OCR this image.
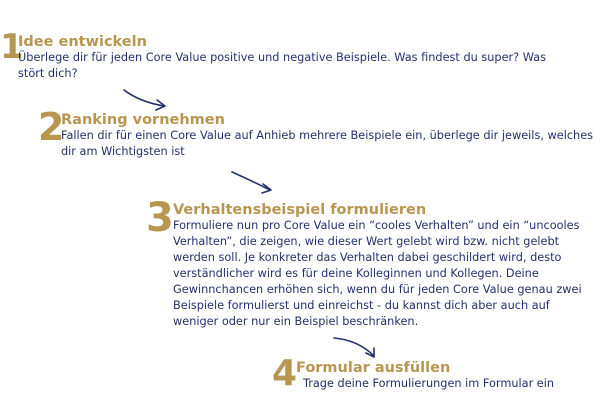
1
Idee entwickeln
Überlege dir für jeden Core Value positive und negative Beispiele. Was findest du super? Was stört dich?
2
Ranking vornehmen
Fallen dir für einen Core Value auf Anhieb mehrere Beispiele ein, überlege dir jeweils, welches dir am Wichtigsten ist
3 Verhaltensbeispiel formulieren
Formuliere nun pro Core Value ein “cooles Verhalten” und ein “uncooles Verhalten”, die zeigen, wie dieser Wert gelebt wird bzw. nicht gelebt werden soll. Je konkreter das Verhalten dabei geschildert wird, desto verständlicher wird es für deine Kolleginnen und Kollegen. Deine Gewinnchancen erhöhen sich, wenn du für jeden Core Value genau zwei Beispiele formulierst und einreichst - du kannst dich aber auch auf weniger oder nur ein Beispiel beschränken.
4
Formular ausfüllen
Trage deine Formulierungen im Formular ein
